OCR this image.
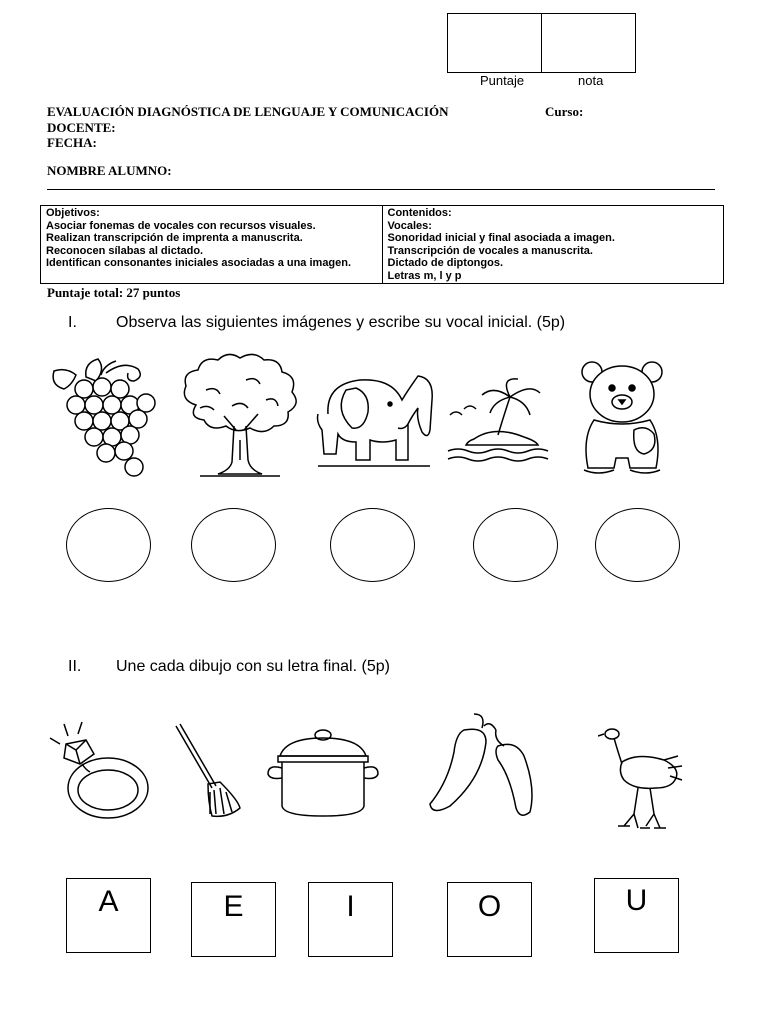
Puntaje	nota
EVALUACIÓN DIAGNÓSTICA DE LENGUAJE Y COMUNICACIÓN	Curso:
DOCENTE:
FECHA:
NOMBRE ALUMNO:
Objetivos:
Asociar fonemas de vocales con recursos visuales.
Realizan transcripción de imprenta a manuscrita.
Reconocen sílabas al dictado.
Identifican consonantes iniciales asociadas a una imagen.

Contenidos:
Vocales:
Sonoridad inicial y final asociada a imagen.
Transcripción de vocales a manuscrita.
Dictado de diptongos.
Letras m, l y p
Puntaje total: 27 puntos
I. Observa las siguientes imágenes y escribe su vocal inicial. (5p)
II. Une cada dibujo con su letra final. (5p)
A	E	I	O	U
